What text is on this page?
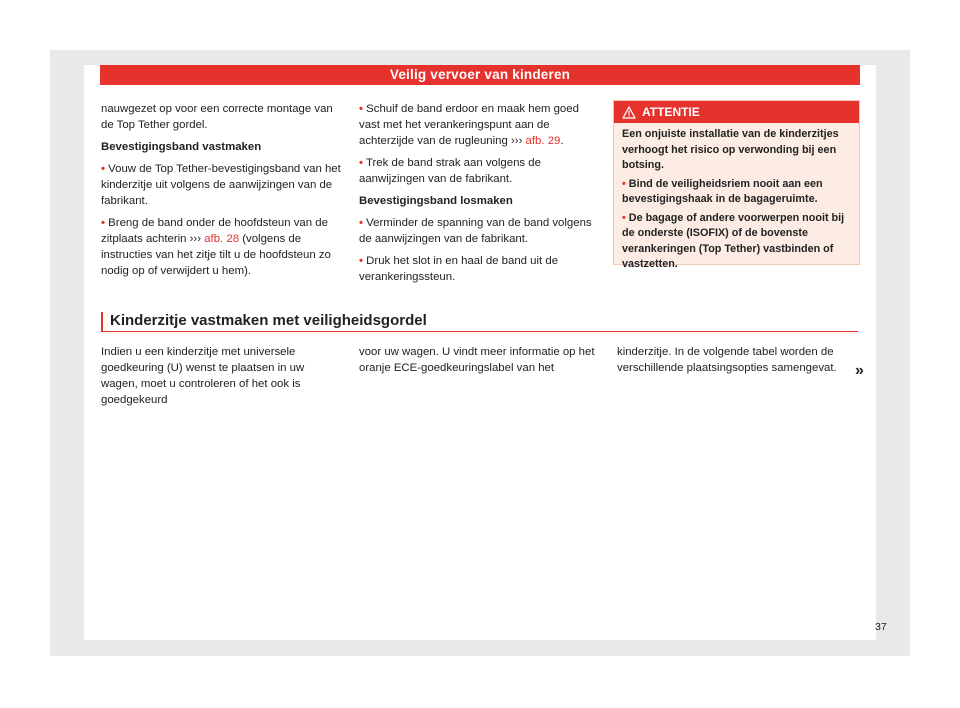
Veilig vervoer van kinderen

nauwgezet op voor een correcte montage van de Top Tether gordel.

Bevestigingsband vastmaken

• Vouw de Top Tether-bevestigingsband van het kinderzitje uit volgens de aanwijzingen van de fabrikant.

• Breng de band onder de hoofdsteun van de zitplaats achterin ››› afb. 28 (volgens de instructies van het zitje tilt u de hoofdsteun zo nodig op of verwijdert u hem).

• Schuif de band erdoor en maak hem goed vast met het verankeringspunt aan de achterzijde van de rugleuning ››› afb. 29.

• Trek de band strak aan volgens de aanwijzingen van de fabrikant.

Bevestigingsband losmaken

• Verminder de spanning van de band volgens de aanwijzingen van de fabrikant.

• Druk het slot in en haal de band uit de verankeringssteun.

ATTENTIE

Een onjuiste installatie van de kinderzitjes verhoogt het risico op verwonding bij een botsing.

• Bind de veiligheidsriem nooit aan een bevestigingshaak in de bagageruimte.

• De bagage of andere voorwerpen nooit bij de onderste (ISOFIX) of de bovenste verankeringen (Top Tether) vastbinden of vastzetten.

Kinderzitje vastmaken met veiligheidsgordel

Indien u een kinderzitje met universele goedkeuring (U) wenst te plaatsen in uw wagen, moet u controleren of het ook is goedgekeurd

voor uw wagen. U vindt meer informatie op het oranje ECE-goedkeuringslabel van het

kinderzitje. In de volgende tabel worden de verschillende plaatsingsopties samengevat.	»
37
